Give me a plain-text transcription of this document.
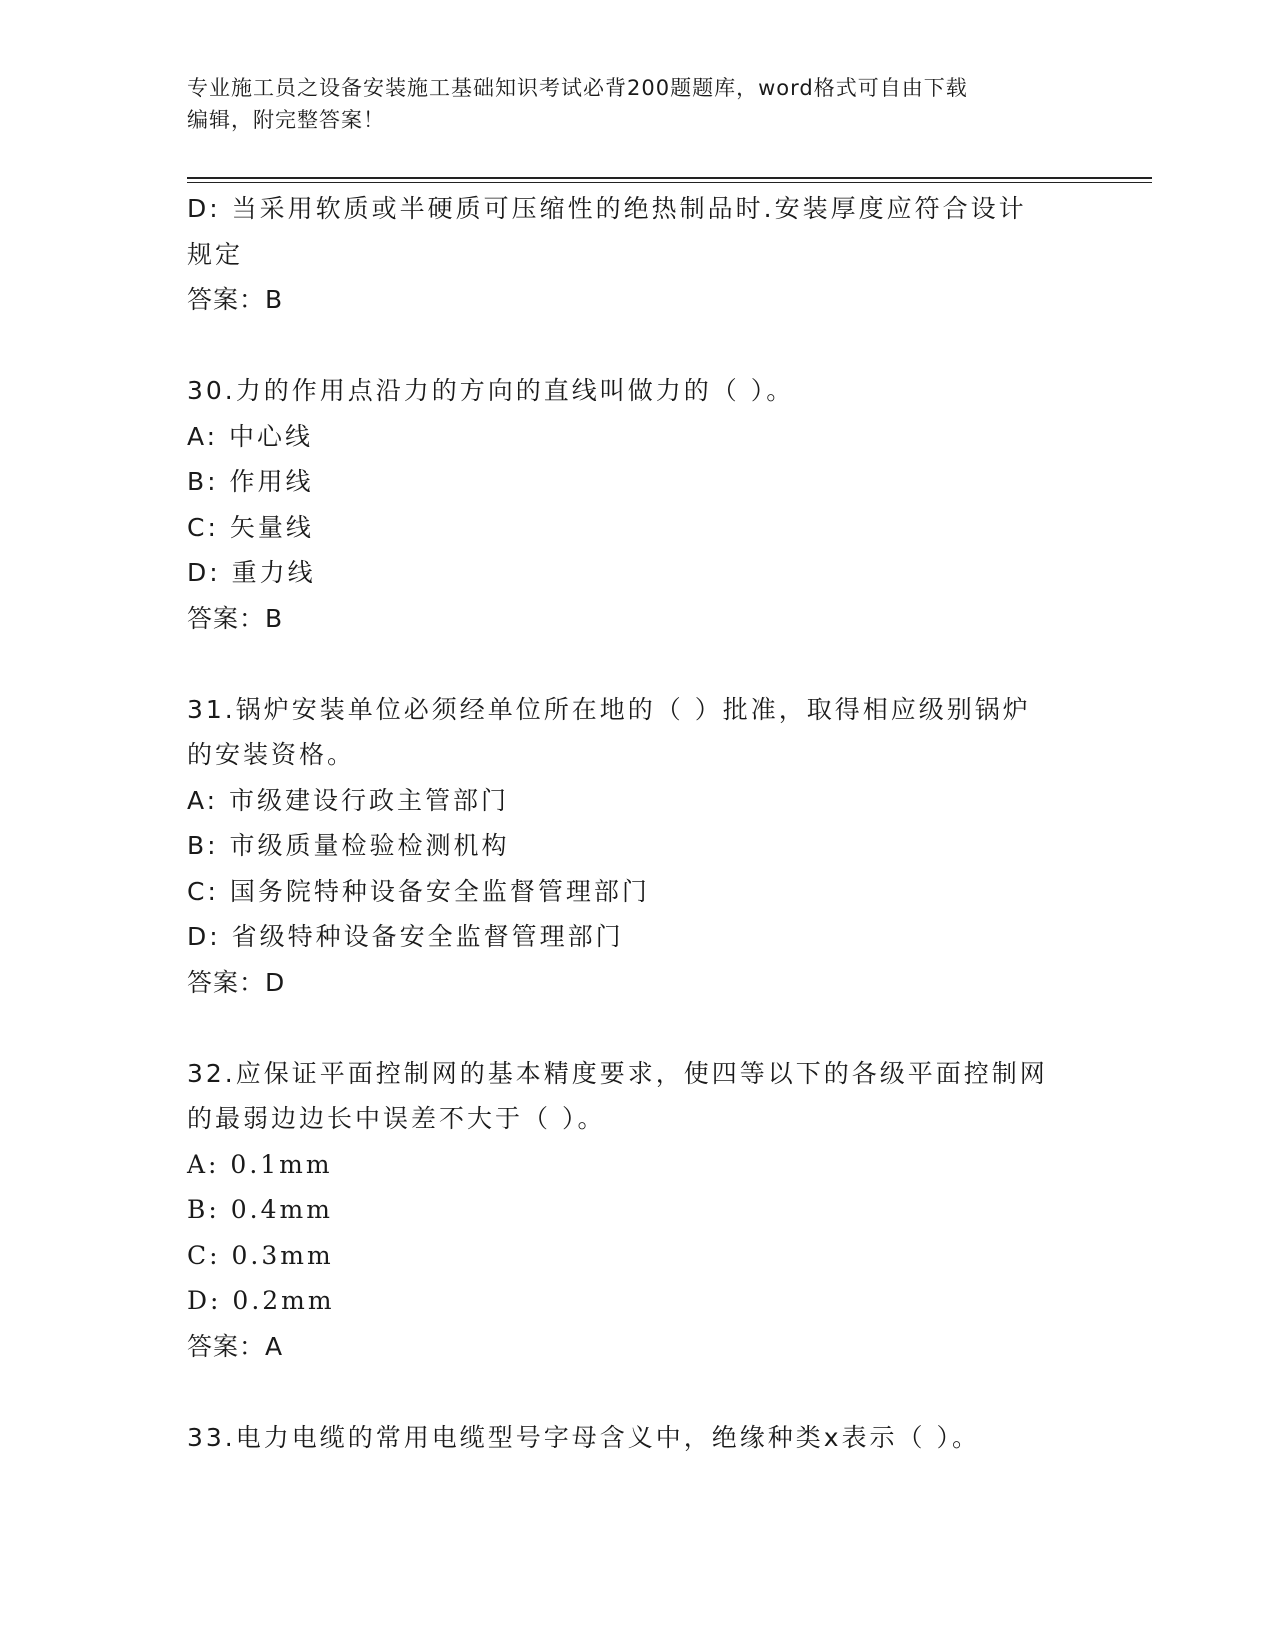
专业施工员之设备安装施工基础知识考试必背200题题库，word格式可自由下载
编辑，附完整答案！
D: 当采用软质或半硬质可压缩性的绝热制品时.安装厚度应符合设计
规定
答案：B
30.力的作用点沿力的方向的直线叫做力的（ ）。
A: 中心线
B: 作用线
C: 矢量线
D: 重力线
答案：B
31.锅炉安装单位必须经单位所在地的（ ）批准，取得相应级别锅炉
的安装资格。
A: 市级建设行政主管部门
B: 市级质量检验检测机构
C: 国务院特种设备安全监督管理部门
D: 省级特种设备安全监督管理部门
答案：D
32.应保证平面控制网的基本精度要求，使四等以下的各级平面控制网
的最弱边边长中误差不大于（ ）。
A: 0.1mm
B: 0.4mm
C: 0.3mm
D: 0.2mm
答案：A
33.电力电缆的常用电缆型号字母含义中，绝缘种类x表示（ ）。
